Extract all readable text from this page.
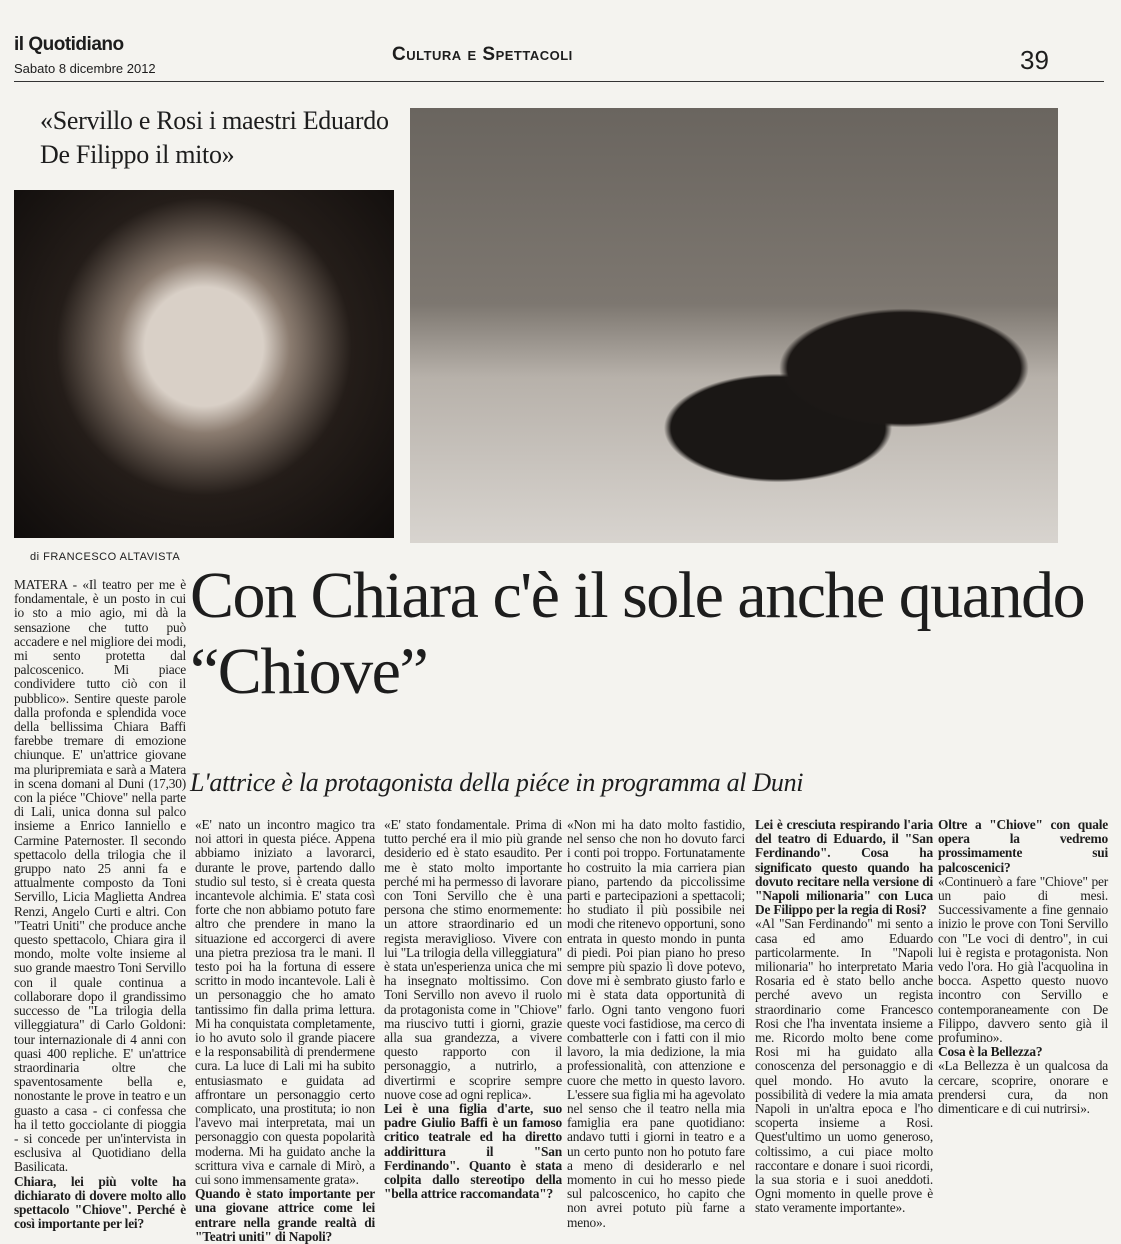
il Quotidiano
Sabato 8 dicembre 2012
Cultura e Spettacoli	39
«Servillo e Rosi i maestri Eduardo De Filippo il mito»
di FRANCESCO ALTAVISTA
Con Chiara c'è il sole anche quando “Chiove”
L'attrice è la protagonista della piéce in programma al Duni

MATERA - «Il teatro per me è fondamentale, è un posto in cui io sto a mio agio, mi dà la sensazione che tutto può accadere e nel migliore dei modi, mi sento protetta dal palcoscenico. Mi piace condividere tutto ciò con il pubblico». Sentire queste parole dalla profonda e splendida voce della bellissima Chiara Baffi farebbe tremare di emozione chiunque. E' un'attrice giovane ma pluripremiata e sarà a Matera in scena domani al Duni (17,30) con la piéce "Chiove" nella parte di Lali, unica donna sul palco insieme a Enrico Ianniello e Carmine Paternoster. Il secondo spettacolo della trilogia che il gruppo nato 25 anni fa e attualmente composto da Toni Servillo, Licia Maglietta Andrea Renzi, Angelo Curti e altri. Con "Teatri Uniti" che produce anche questo spettacolo, Chiara gira il mondo, molte volte insieme al suo grande maestro Toni Servillo con il quale continua a collaborare dopo il grandissimo successo de "La trilogia della villeggiatura" di Carlo Goldoni: tour internazionale di 4 anni con quasi 400 repliche. E' un'attrice straordinaria oltre che spaventosamente bella e, nonostante le prove in teatro e un guasto a casa - ci confessa che ha il tetto gocciolante di pioggia - si concede per un'intervista in esclusiva al Quotidiano della Basilicata.

Chiara, lei più volte ha dichiarato di dovere molto allo spettacolo "Chiove". Perché è così importante per lei?

«E' nato un incontro magico tra noi attori in questa piéce. Appena abbiamo iniziato a lavorarci, durante le prove, partendo dallo studio sul testo, si è creata questa incantevole alchimia. E' stata così forte che non abbiamo potuto fare altro che prendere in mano la situazione ed accorgerci di avere una pietra preziosa tra le mani. Il testo poi ha la fortuna di essere scritto in modo incantevole. Lali è un personaggio che ho amato tantissimo fin dalla prima lettura. Mi ha conquistata completamente, io ho avuto solo il grande piacere e la responsabilità di prendermene cura. La luce di Lali mi ha subito entusiasmato e guidata ad affrontare un personaggio certo complicato, una prostituta; io non l'avevo mai interpretata, mai un personaggio con questa popolarità moderna. Mi ha guidato anche la scrittura viva e carnale di Mirò, a cui sono immensamente grata».

Quando è stato importante per una giovane attrice come lei entrare nella grande realtà di "Teatri uniti" di Napoli?

«E' stato fondamentale. Prima di tutto perché era il mio più grande desiderio ed è stato esaudito. Per me è stato molto importante perché mi ha permesso di lavorare con Toni Servillo che è una persona che stimo enormemente: un attore straordinario ed un regista meraviglioso. Vivere con lui "La trilogia della villeggiatura" è stata un'esperienza unica che mi ha insegnato moltissimo. Con Toni Servillo non avevo il ruolo da protagonista come in "Chiove" ma riuscivo tutti i giorni, grazie alla sua grandezza, a vivere questo rapporto con il personaggio, a nutrirlo, a divertirmi e scoprire sempre nuove cose ad ogni replica».

Lei è una figlia d'arte, suo padre Giulio Baffi è un famoso critico teatrale ed ha diretto addirittura il "San Ferdinando". Quanto è stata colpita dallo stereotipo della "bella attrice raccomandata"?

«Non mi ha dato molto fastidio, nel senso che non ho dovuto farci i conti poi troppo. Fortunatamente ho costruito la mia carriera pian piano, partendo da piccolissime parti e partecipazioni a spettacoli; ho studiato il più possibile nei modi che ritenevo opportuni, sono entrata in questo mondo in punta di piedi. Poi pian piano ho preso sempre più spazio lì dove potevo, dove mi è sembrato giusto farlo e mi è stata data opportunità di farlo. Ogni tanto vengono fuori queste voci fastidiose, ma cerco di combatterle con i fatti con il mio lavoro, la mia dedizione, la mia professionalità, con attenzione e cuore che metto in questo lavoro. L'essere sua figlia mi ha agevolato nel senso che il teatro nella mia famiglia era pane quotidiano: andavo tutti i giorni in teatro e a un certo punto non ho potuto fare a meno di desiderarlo e nel momento in cui ho messo piede sul palcoscenico, ho capito che non avrei potuto più farne a meno».

Lei è cresciuta respirando l'aria del teatro di Eduardo, il "San Ferdinando". Cosa ha significato questo quando ha dovuto recitare nella versione di "Napoli milionaria" con Luca De Filippo per la regia di Rosi?

«Al "San Ferdinando" mi sento a casa ed amo Eduardo particolarmente. In "Napoli milionaria" ho interpretato Maria Rosaria ed è stato bello anche perché avevo un regista straordinario come Francesco Rosi che l'ha inventata insieme a me. Ricordo molto bene come Rosi mi ha guidato alla conoscenza del personaggio e di quel mondo. Ho avuto la possibilità di vedere la mia amata Napoli in un'altra epoca e l'ho scoperta insieme a Rosi. Quest'ultimo un uomo generoso, coltissimo, a cui piace molto raccontare e donare i suoi ricordi, la sua storia e i suoi aneddoti. Ogni momento in quelle prove è stato veramente importante».

Oltre a "Chiove" con quale opera la vedremo prossimamente sui palcoscenici?

«Continuerò a fare "Chiove" per un paio di mesi. Successivamente a fine gennaio inizio le prove con Toni Servillo con "Le voci di dentro", in cui lui è regista e protagonista. Non vedo l'ora. Ho già l'acquolina in bocca. Aspetto questo nuovo incontro con Servillo e contemporaneamente con De Filippo, davvero sento già il profumino».

Cosa è la Bellezza?

«La Bellezza è un qualcosa da cercare, scoprire, onorare e prendersi cura, da non dimenticare e di cui nutrirsi».
